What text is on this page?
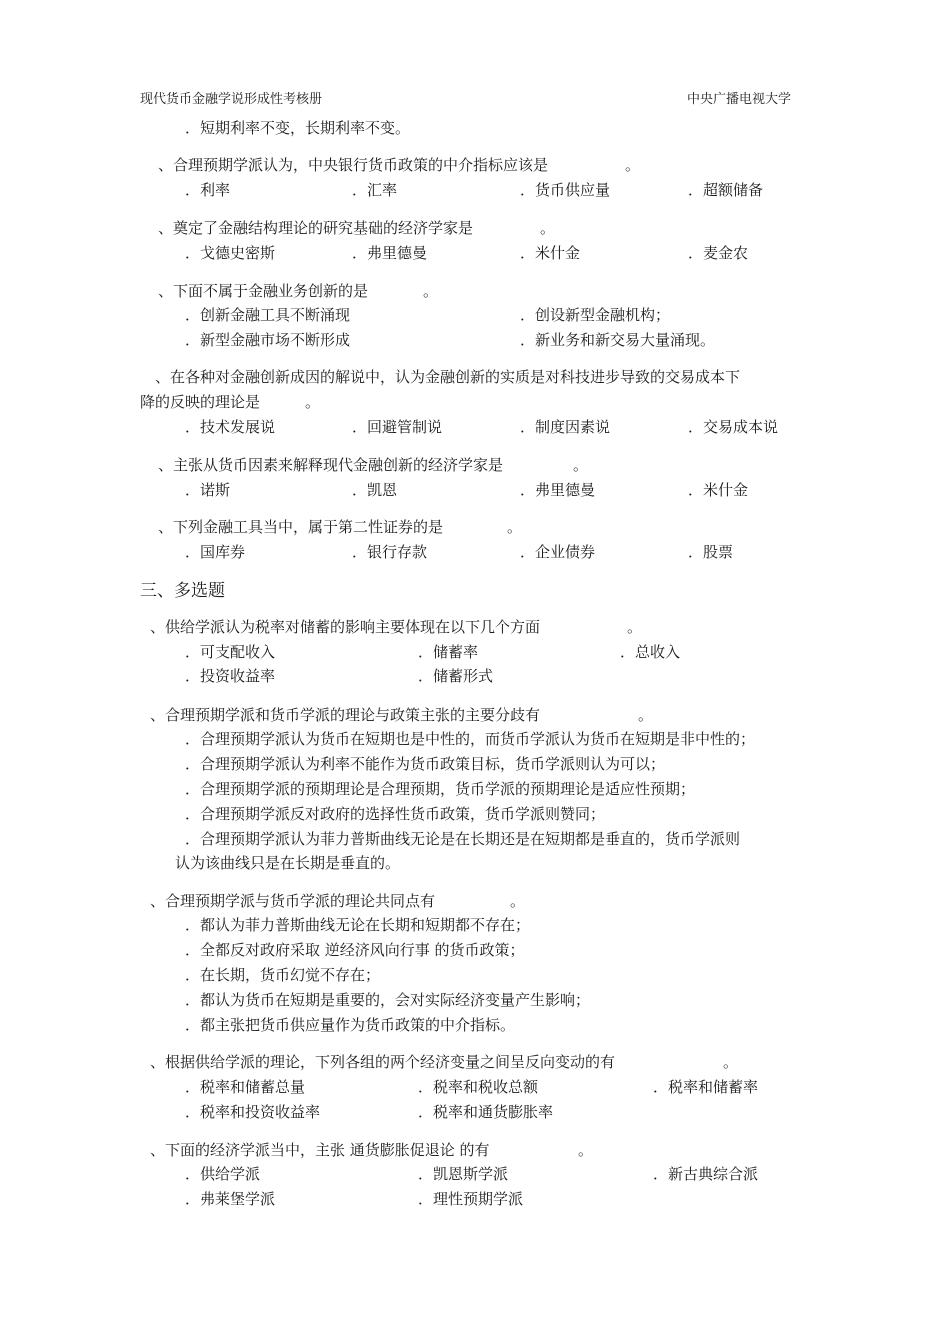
现代货币金融学说形成性考核册	中央广播电视大学
．短期利率不变，长期利率不变。
、合理预期学派认为，中央银行货币政策的中介指标应该是	。
．利率	．汇率	．货币供应量	．超额储备
、奠定了金融结构理论的研究基础的经济学家是	。
．戈德史密斯	．弗里德曼	．米什金	．麦金农
、下面不属于金融业务创新的是	。
．创新金融工具不断涌现	．创设新型金融机构；
．新型金融市场不断形成	．新业务和新交易大量涌现。
、在各种对金融创新成因的解说中，认为金融创新的实质是对科技进步导致的交易成本下
降的反映的理论是	。
．技术发展说	．回避管制说	．制度因素说	．交易成本说
、主张从货币因素来解释现代金融创新的经济学家是	。
．诺斯	．凯恩	．弗里德曼	．米什金
、下列金融工具当中，属于第二性证券的是	。
．国库券	．银行存款	．企业债券	．股票
三、多选题
、供给学派认为税率对储蓄的影响主要体现在以下几个方面	。
．可支配收入	．储蓄率	．总收入
．投资收益率	．储蓄形式
、合理预期学派和货币学派的理论与政策主张的主要分歧有	。
．合理预期学派认为货币在短期也是中性的，而货币学派认为货币在短期是非中性的；
．合理预期学派认为利率不能作为货币政策目标，货币学派则认为可以；
．合理预期学派的预期理论是合理预期，货币学派的预期理论是适应性预期；
．合理预期学派反对政府的选择性货币政策，货币学派则赞同；
．合理预期学派认为菲力普斯曲线无论是在长期还是在短期都是垂直的，货币学派则
认为该曲线只是在长期是垂直的。
、合理预期学派与货币学派的理论共同点有	。
．都认为菲力普斯曲线无论在长期和短期都不存在；
．全都反对政府采取 逆经济风向行事 的货币政策；
．在长期，货币幻觉不存在；
．都认为货币在短期是重要的，会对实际经济变量产生影响；
．都主张把货币供应量作为货币政策的中介指标。
、根据供给学派的理论，下列各组的两个经济变量之间呈反向变动的有	。
．税率和储蓄总量	．税率和税收总额	．税率和储蓄率
．税率和投资收益率	．税率和通货膨胀率
、下面的经济学派当中，主张 通货膨胀促退论 的有	。
．供给学派	．凯恩斯学派	．新古典综合派
．弗莱堡学派	．理性预期学派
